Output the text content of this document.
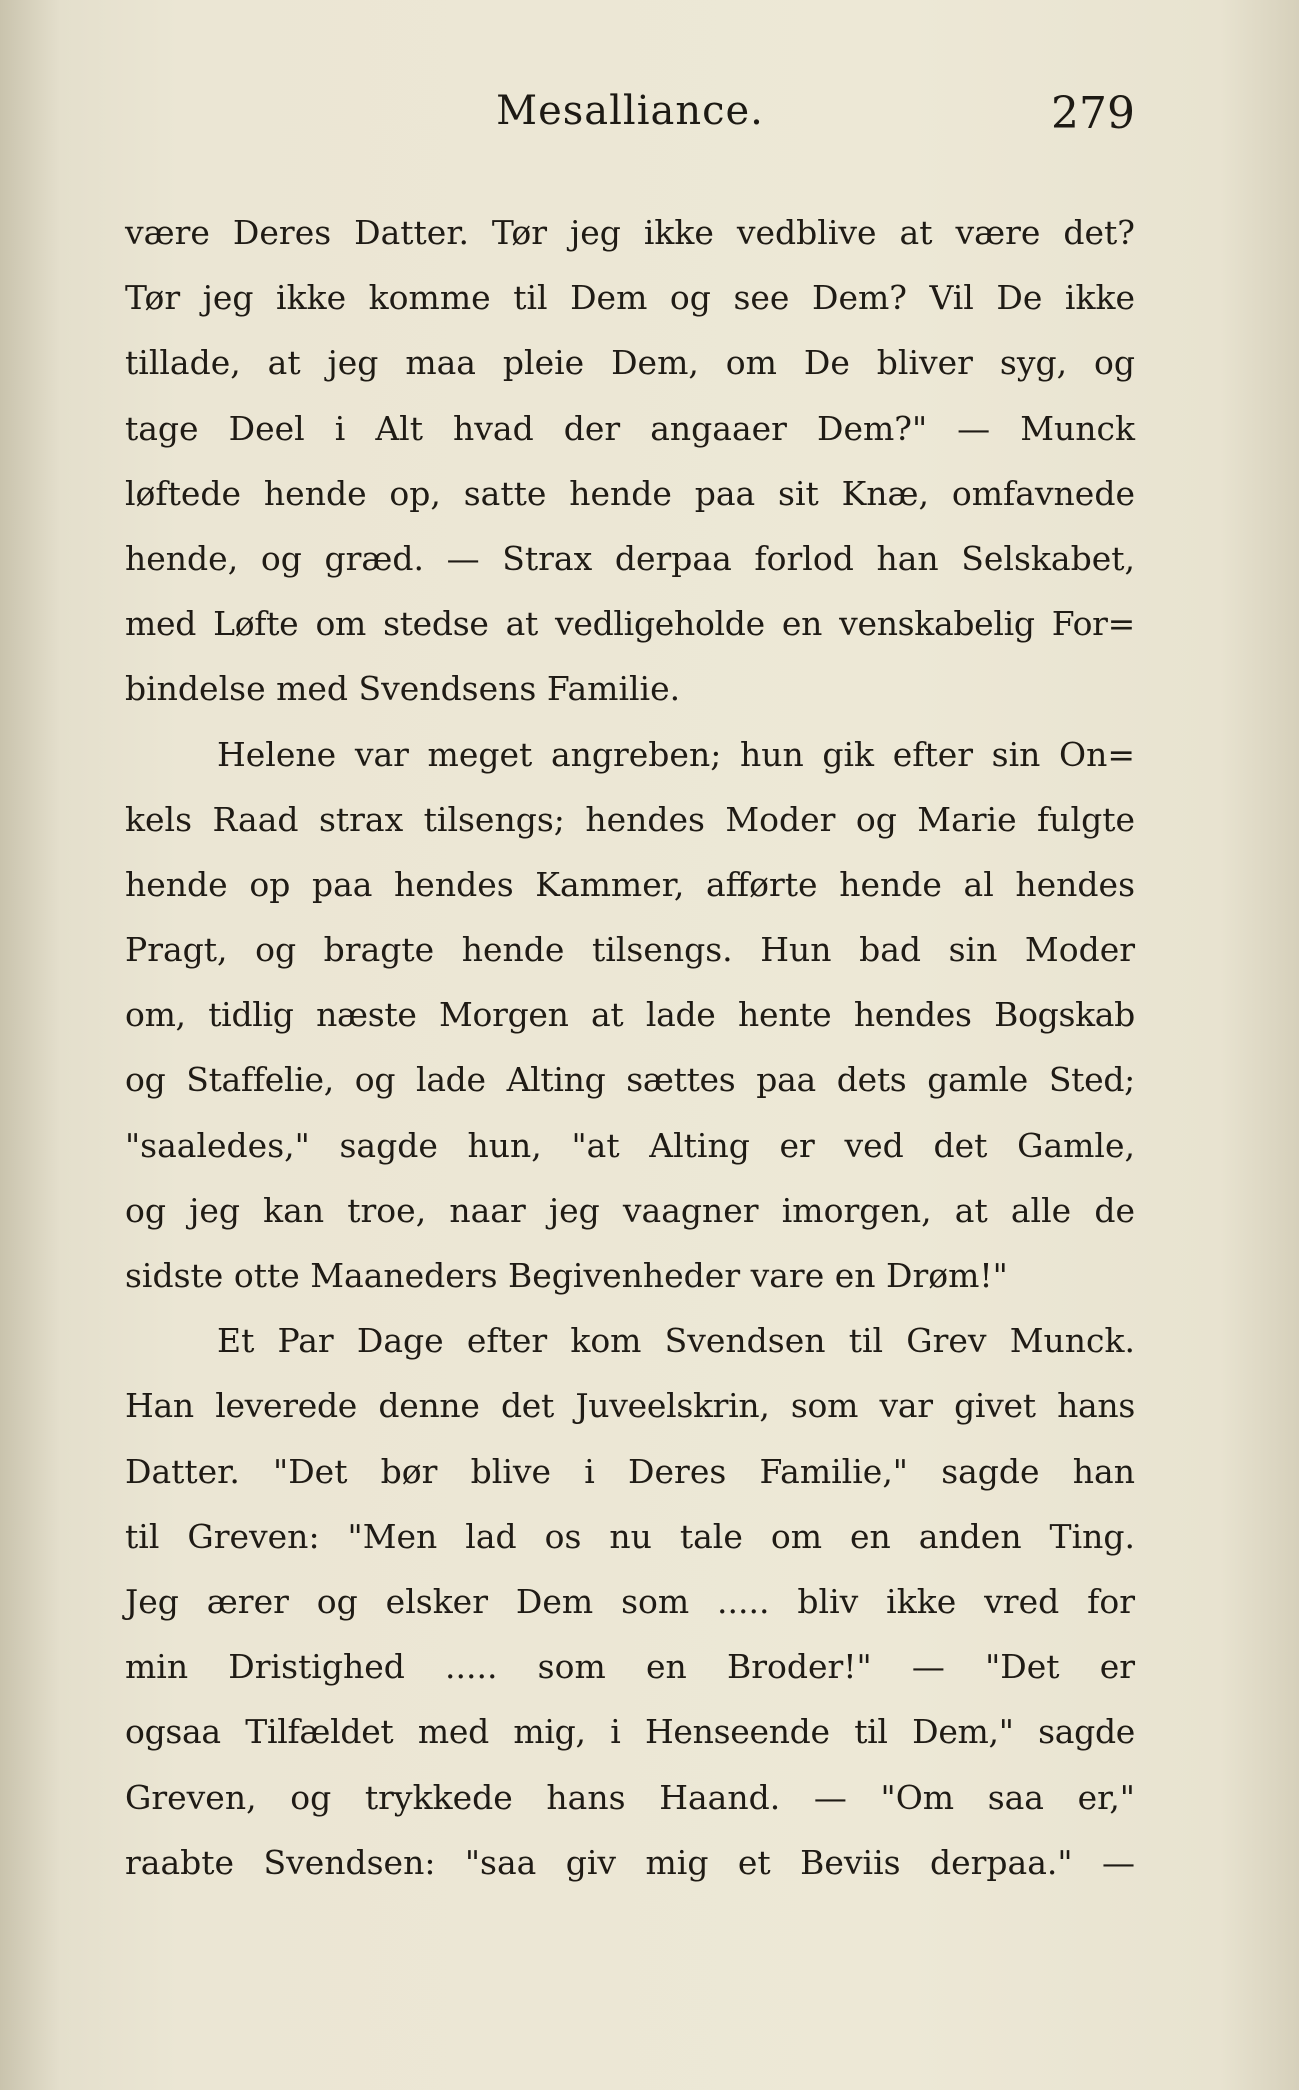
Mesalliance.	279
være Deres Datter. Tør jeg ikke vedblive at være det?
Tør jeg ikke komme til Dem og see Dem? Vil De ikke
tillade, at jeg maa pleie Dem, om De bliver syg, og
tage Deel i Alt hvad der angaaer Dem?" — Munck
løftede hende op, satte hende paa sit Knæ, omfavnede
hende, og græd. — Strax derpaa forlod han Selskabet,
med Løfte om stedse at vedligeholde en venskabelig For=
bindelse med Svendsens Familie.
Helene var meget angreben; hun gik efter sin On=
kels Raad strax tilsengs; hendes Moder og Marie fulgte
hende op paa hendes Kammer, afførte hende al hendes
Pragt, og bragte hende tilsengs. Hun bad sin Moder
om, tidlig næste Morgen at lade hente hendes Bogskab
og Staffelie, og lade Alting sættes paa dets gamle Sted;
"saaledes," sagde hun, "at Alting er ved det Gamle,
og jeg kan troe, naar jeg vaagner imorgen, at alle de
sidste otte Maaneders Begivenheder vare en Drøm!"
Et Par Dage efter kom Svendsen til Grev Munck.
Han leverede denne det Juveelskrin, som var givet hans
Datter. "Det bør blive i Deres Familie," sagde han
til Greven: "Men lad os nu tale om en anden Ting.
Jeg ærer og elsker Dem som ..... bliv ikke vred for
min Dristighed ..... som en Broder!" — "Det er
ogsaa Tilfældet med mig, i Henseende til Dem," sagde
Greven, og trykkede hans Haand. — "Om saa er,"
raabte Svendsen: "saa giv mig et Beviis derpaa." —
